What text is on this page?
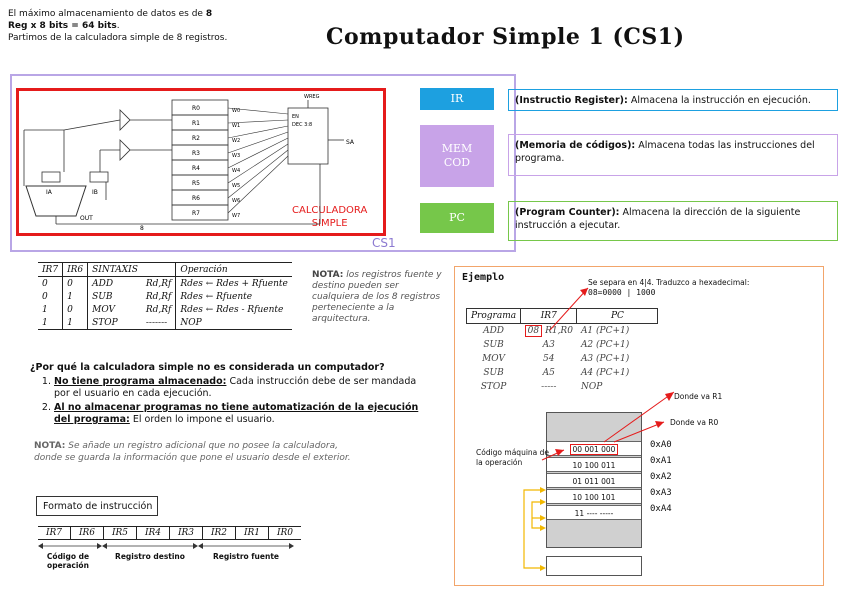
El máximo almacenamiento de datos es de 8
Reg x 8 bits = 64 bits.
Partimos de la calculadora simple de 8 registros.	Computador Simple 1 (CS1)
CS1
CALCULADORA
SIMPLE
R0	W0
R1	W1
R2	W2
R3	W3
R4	W4
R5	W5
R6	W6
R7	W7
IA	IB
OUT
8
WREG
EN
DEC 3:8
SA
IR	(Instructio Register): Almacena la instrucción en ejecución.
MEM
COD
(Memoria de códigos): Almacena todas las instrucciones del programa.
PC	(Program Counter): Almacena la dirección de la siguiente instrucción a ejecutar.
IR7	IR6	SINTAXIS		Operación
0	0	ADD	Rd,Rf	Rdes ← Rdes + Rfuente
0	1	SUB	Rd,Rf	Rdes ← Rfuente
1	0	MOV	Rd,Rf	Rdes ← Rdes - Rfuente
1	1	STOP	-------	NOP
NOTA: los registros fuente y destino pueden ser cualquiera de los 8 registros perteneciente a la arquitectura.
¿Por qué la calculadora simple no es considerada un computador?
1. No tiene programa almacenado: Cada instrucción debe de ser mandada por el usuario en cada ejecución.
2. Al no almacenar programas no tiene automatización de la ejecución del programa: El orden lo impone el usuario.
NOTA: Se añade un registro adicional que no posee la calculadora, donde se guarda la información que pone el usuario desde el exterior.
Formato de instrucción
IR7	IR6	IR5	IR4	IR3	IR2	IR1	IR0
Código de operación
Registro destino	Registro fuente
Ejemplo	Se separa en 4|4. Traduzco a hexadecimal:
08=0000 | 1000
Programa	IR7	PC
ADD	08 R1,R0	A1 (PC+1)
SUB	A3	A2 (PC+1)
MOV	54	A3 (PC+1)
SUB	A5	A4 (PC+1)
STOP	-----	NOP
00 001 000
10 100 011
01 011 001
10 100 101
11 ---- -----
Donde va R1
Donde va R0
Código máquina de la operación
0xA0
0xA1
0xA2
0xA3
0xA4
